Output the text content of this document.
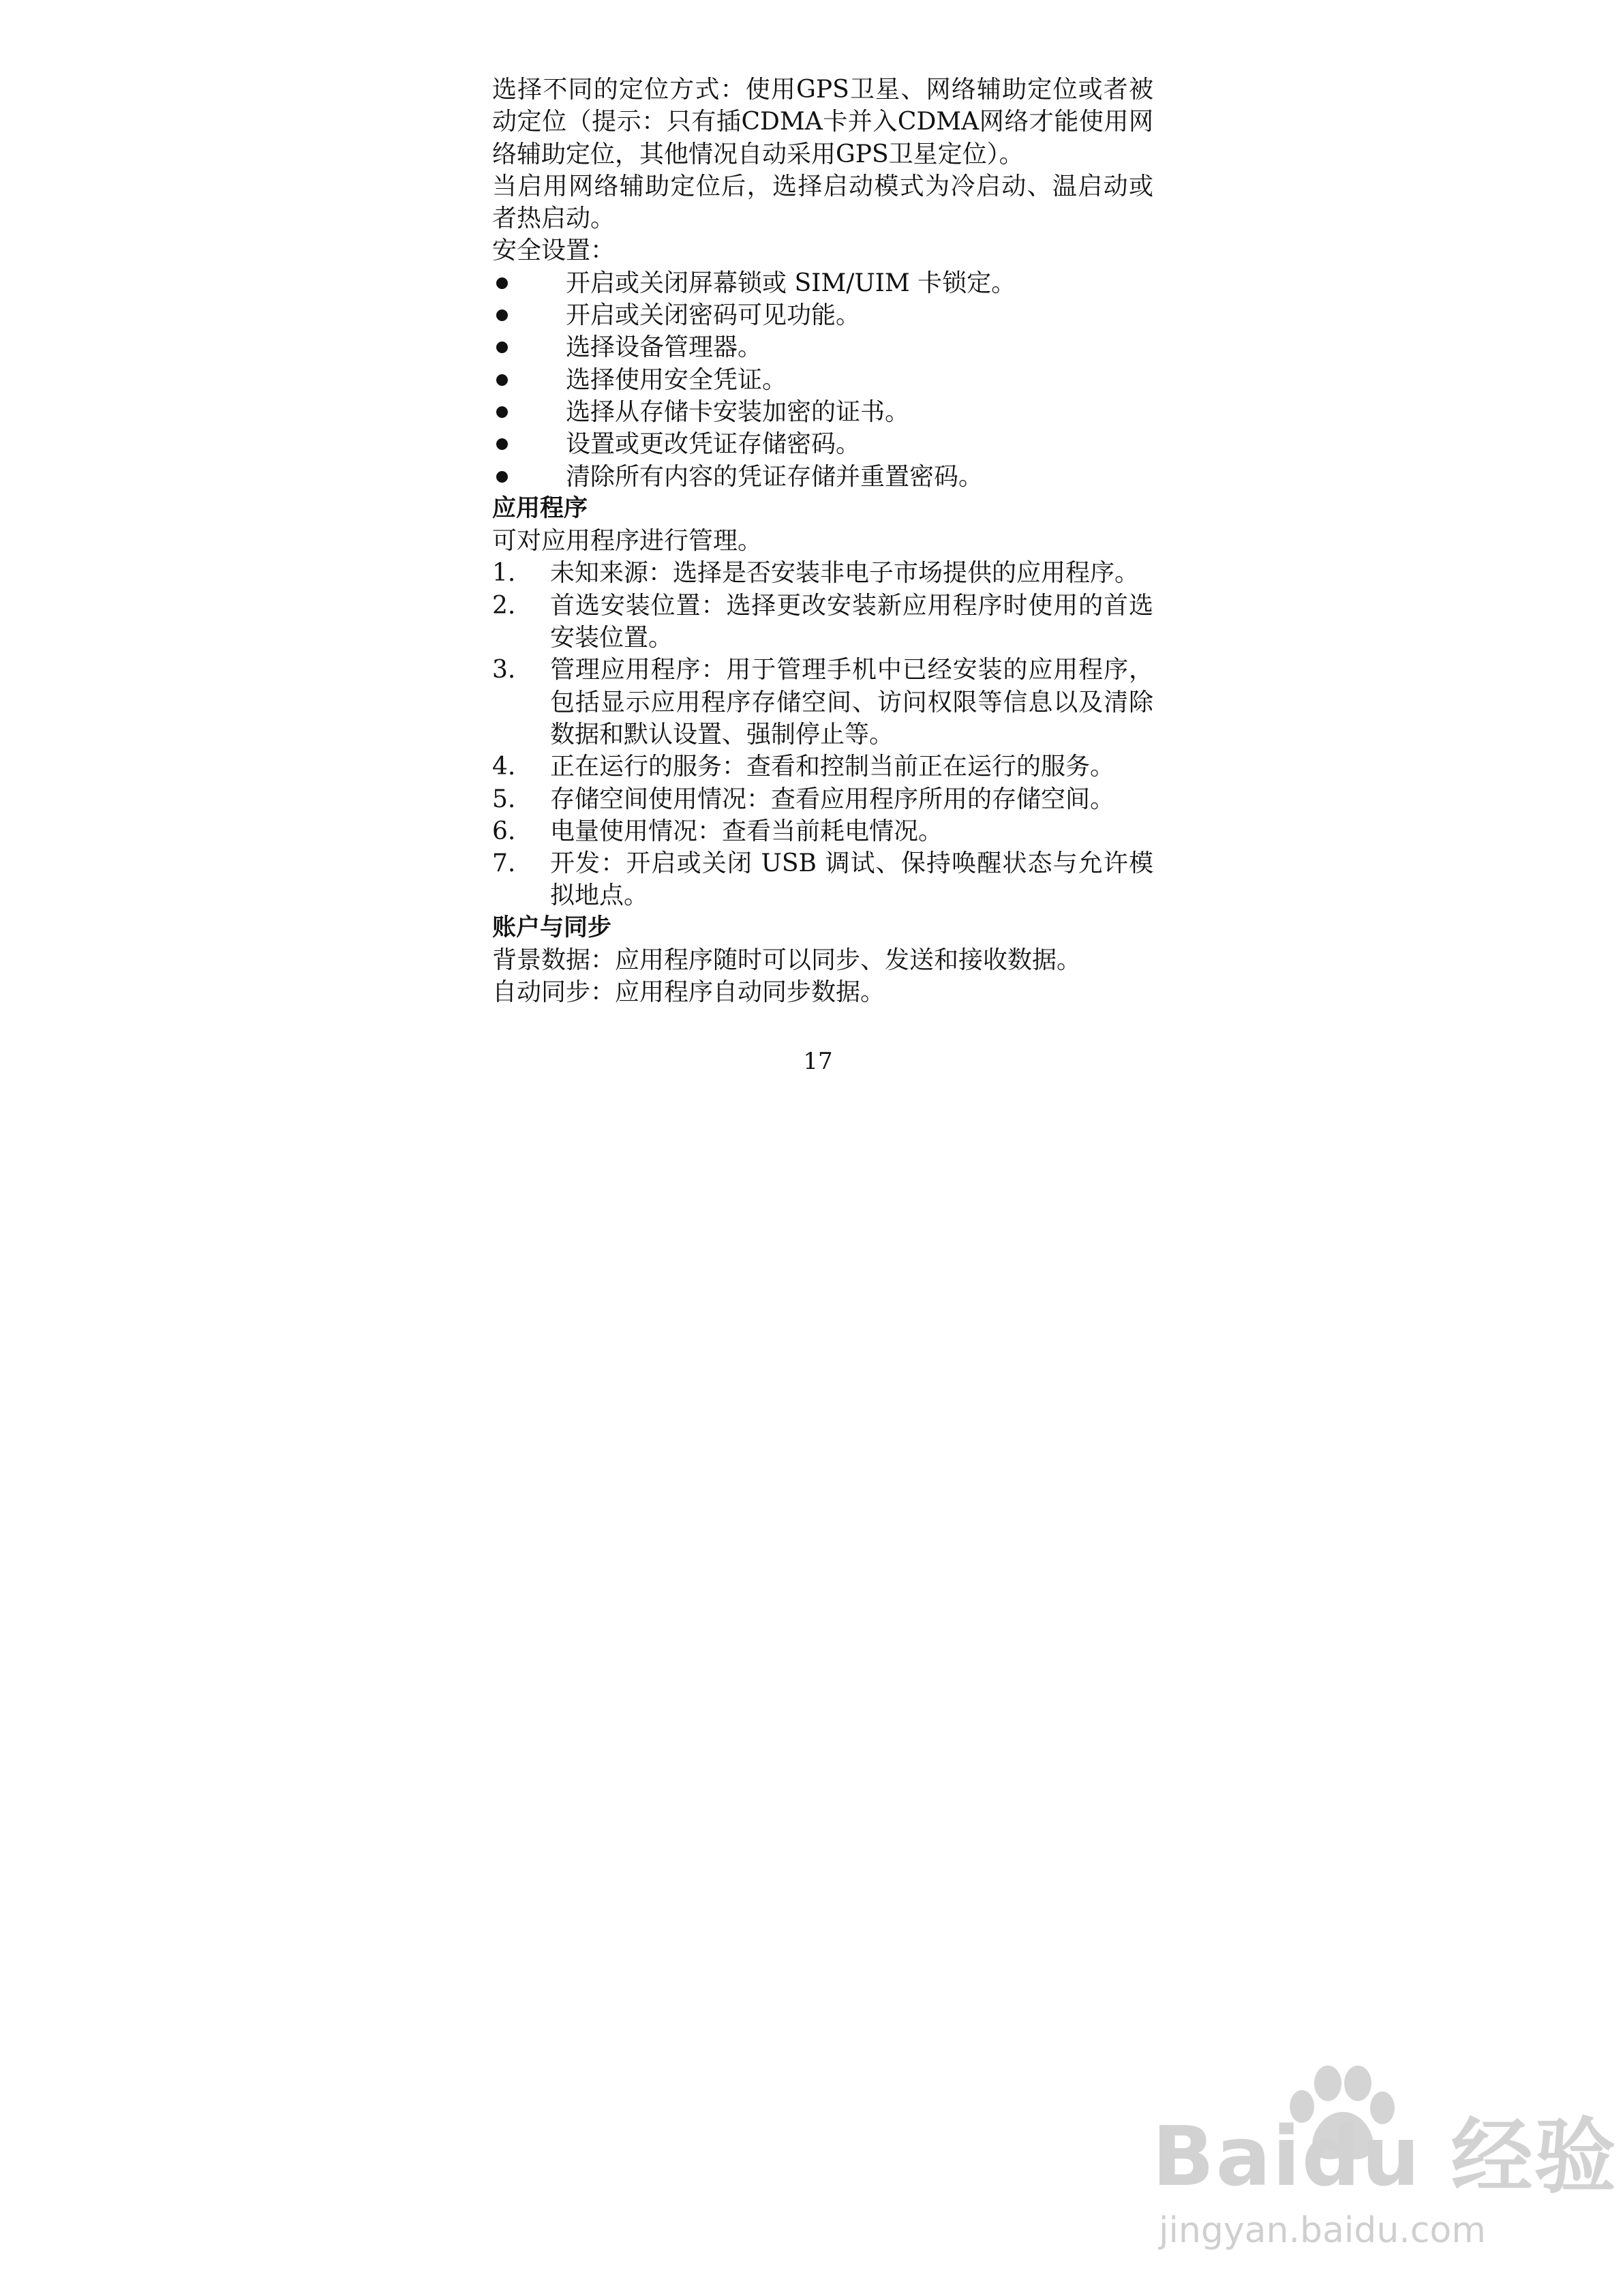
选择不同的定位方式：使用GPS卫星、网络辅助定位或者被动定位（提示：只有插CDMA卡并入CDMA网络才能使用网络辅助定位，其他情况自动采用GPS卫星定位）。

当启用网络辅助定位后，选择启动模式为冷启动、温启动或者热启动。

安全设置：

开启或关闭屏幕锁或 SIM/UIM 卡锁定。
开启或关闭密码可见功能。
选择设备管理器。
选择使用安全凭证。
选择从存储卡安装加密的证书。
设置或更改凭证存储密码。
清除所有内容的凭证存储并重置密码。

应用程序

可对应用程序进行管理。

1. 未知来源：选择是否安装非电子市场提供的应用程序。
2. 首选安装位置：选择更改安装新应用程序时使用的首选安装位置。
3. 管理应用程序：用于管理手机中已经安装的应用程序，包括显示应用程序存储空间、访问权限等信息以及清除数据和默认设置、强制停止等。
4. 正在运行的服务：查看和控制当前正在运行的服务。
5. 存储空间使用情况：查看应用程序所用的存储空间。
6. 电量使用情况：查看当前耗电情况。
7. 开发：开启或关闭 USB 调试、保持唤醒状态与允许模拟地点。

账户与同步

背景数据：应用程序随时可以同步、发送和接收数据。

自动同步：应用程序自动同步数据。

17
Baidu 经验
jingyan.baidu.com
